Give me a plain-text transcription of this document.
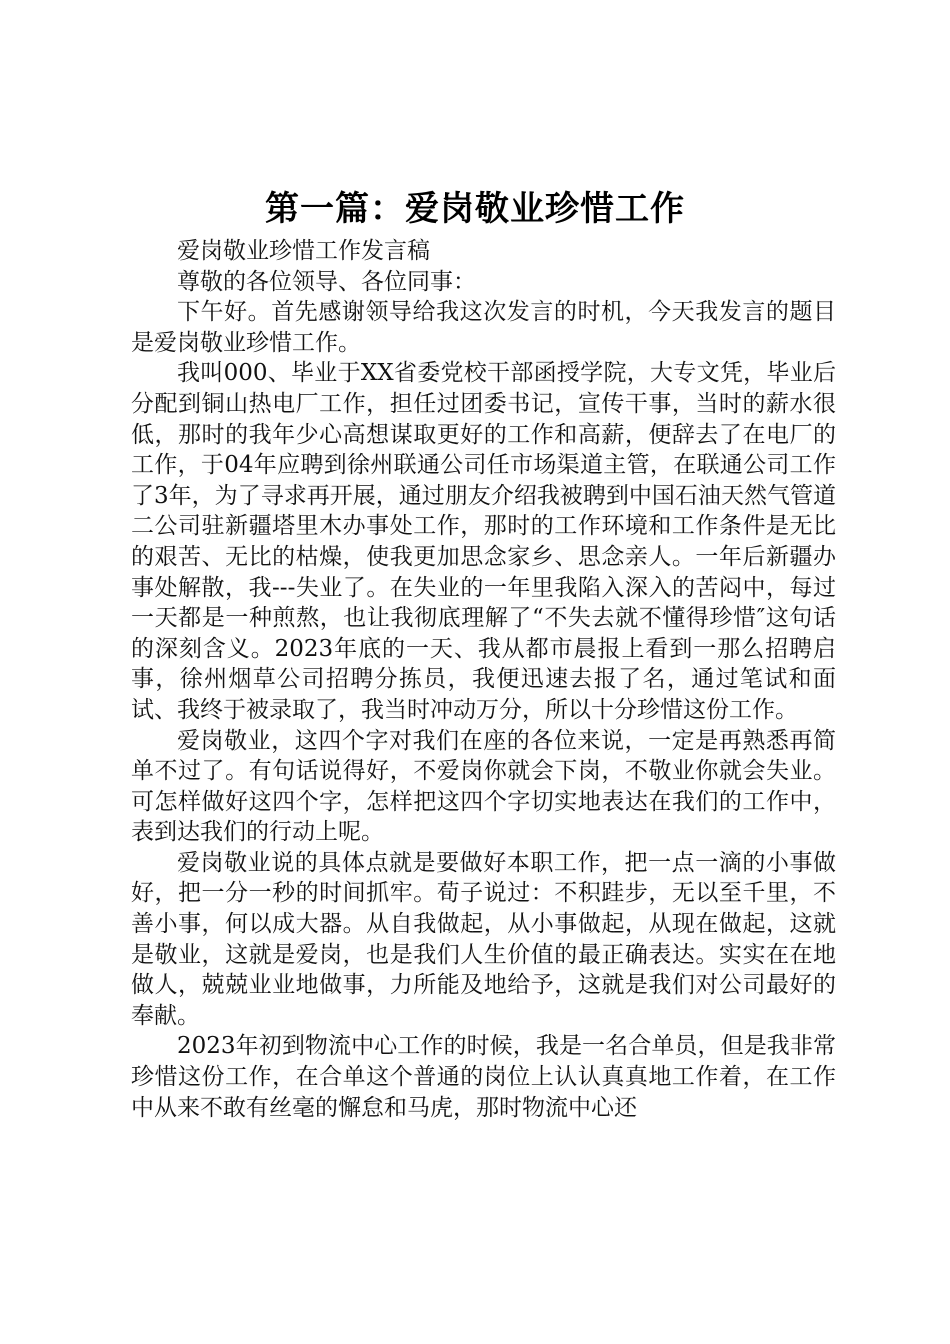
第一篇：爱岗敬业珍惜工作

爱岗敬业珍惜工作发言稿

尊敬的各位领导、各位同事：

下午好。首先感谢领导给我这次发言的时机，今天我发言的题目是爱岗敬业珍惜工作。

我叫000、毕业于XX省委党校干部函授学院，大专文凭，毕业后分配到铜山热电厂工作，担任过团委书记，宣传干事，当时的薪水很低，那时的我年少心高想谋取更好的工作和高薪，便辞去了在电厂的工作，于04年应聘到徐州联通公司任市场渠道主管，在联通公司工作了3年，为了寻求再开展，通过朋友介绍我被聘到中国石油天然气管道二公司驻新疆塔里木办事处工作，那时的工作环境和工作条件是无比的艰苦、无比的枯燥，使我更加思念家乡、思念亲人。一年后新疆办事处解散，我---失业了。在失业的一年里我陷入深入的苦闷中，每过一天都是一种煎熬，也让我彻底理解了“不失去就不懂得珍惜″这句话的深刻含义。2023年底的一天、我从都市晨报上看到一那么招聘启事，徐州烟草公司招聘分拣员，我便迅速去报了名，通过笔试和面试、我终于被录取了，我当时冲动万分，所以十分珍惜这份工作。

爱岗敬业，这四个字对我们在座的各位来说，一定是再熟悉再简单不过了。有句话说得好，不爱岗你就会下岗，不敬业你就会失业。可怎样做好这四个字，怎样把这四个字切实地表达在我们的工作中，表到达我们的行动上呢。

爱岗敬业说的具体点就是要做好本职工作，把一点一滴的小事做好，把一分一秒的时间抓牢。荀子说过：不积跬步，无以至千里，不善小事，何以成大器。从自我做起，从小事做起，从现在做起，这就是敬业，这就是爱岗，也是我们人生价值的最正确表达。实实在在地做人，兢兢业业地做事，力所能及地给予，这就是我们对公司最好的奉献。

2023年初到物流中心工作的时候，我是一名合单员，但是我非常珍惜这份工作，在合单这个普通的岗位上认认真真地工作着，在工作中从来不敢有丝毫的懈怠和马虎，那时物流中心还
